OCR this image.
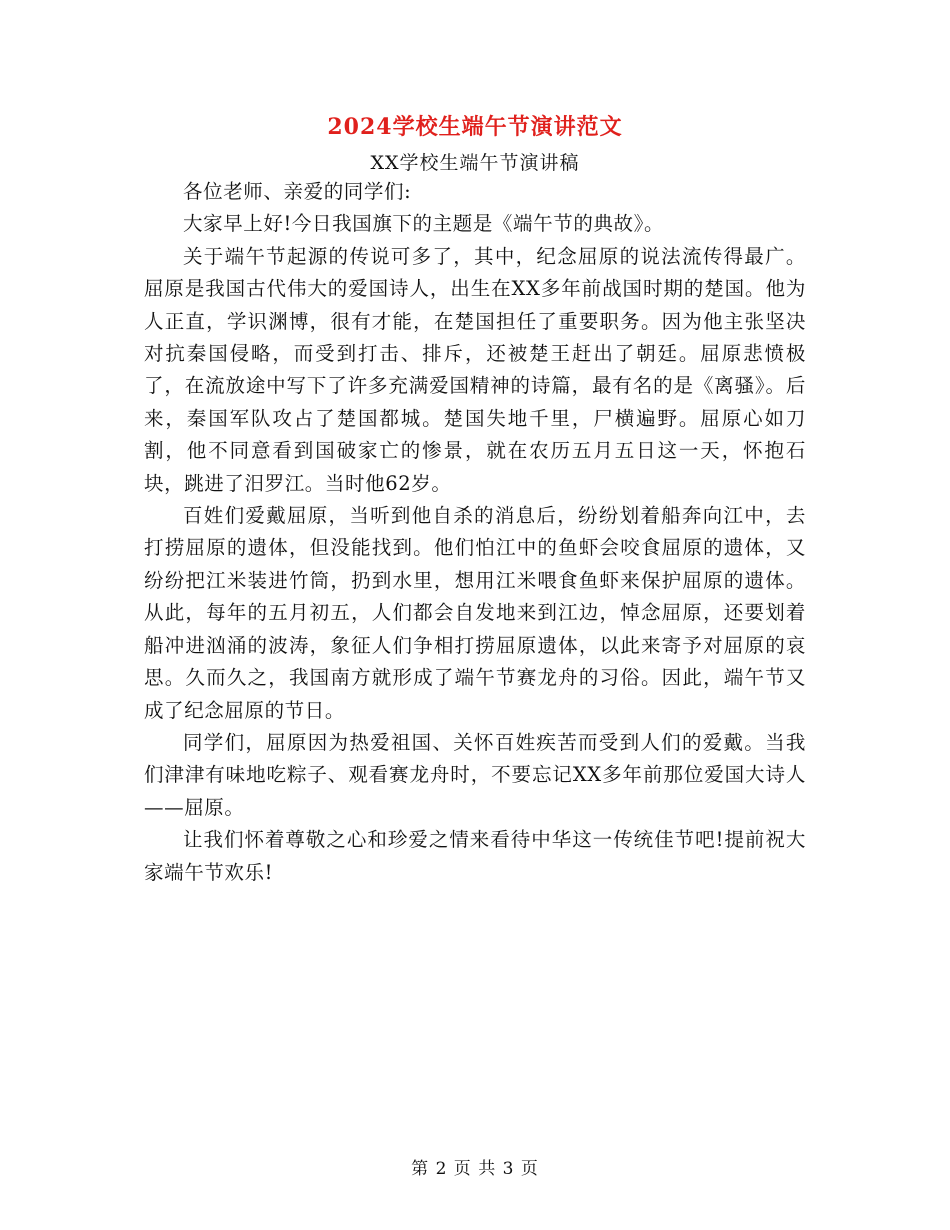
2024学校生端午节演讲范文
XX学校生端午节演讲稿

各位老师、亲爱的同学们:

大家早上好!今日我国旗下的主题是《端午节的典故》。

关于端午节起源的传说可多了，其中，纪念屈原的说法流传得最广。屈原是我国古代伟大的爱国诗人，出生在XX多年前战国时期的楚国。他为人正直，学识渊博，很有才能，在楚国担任了重要职务。因为他主张坚决对抗秦国侵略，而受到打击、排斥，还被楚王赶出了朝廷。屈原悲愤极了，在流放途中写下了许多充满爱国精神的诗篇，最有名的是《离骚》。后来，秦国军队攻占了楚国都城。楚国失地千里，尸横遍野。屈原心如刀割，他不同意看到国破家亡的惨景，就在农历五月五日这一天，怀抱石块，跳进了汨罗江。当时他62岁。

百姓们爱戴屈原，当听到他自杀的消息后，纷纷划着船奔向江中，去打捞屈原的遗体，但没能找到。他们怕江中的鱼虾会咬食屈原的遗体，又纷纷把江米装进竹筒，扔到水里，想用江米喂食鱼虾来保护屈原的遗体。从此，每年的五月初五，人们都会自发地来到江边，悼念屈原，还要划着船冲进汹涌的波涛，象征人们争相打捞屈原遗体，以此来寄予对屈原的哀思。久而久之，我国南方就形成了端午节赛龙舟的习俗。因此，端午节又成了纪念屈原的节日。

同学们，屈原因为热爱祖国、关怀百姓疾苦而受到人们的爱戴。当我们津津有味地吃粽子、观看赛龙舟时，不要忘记XX多年前那位爱国大诗人——屈原。

让我们怀着尊敬之心和珍爱之情来看待中华这一传统佳节吧!提前祝大家端午节欢乐!

第 2 页 共 3 页
